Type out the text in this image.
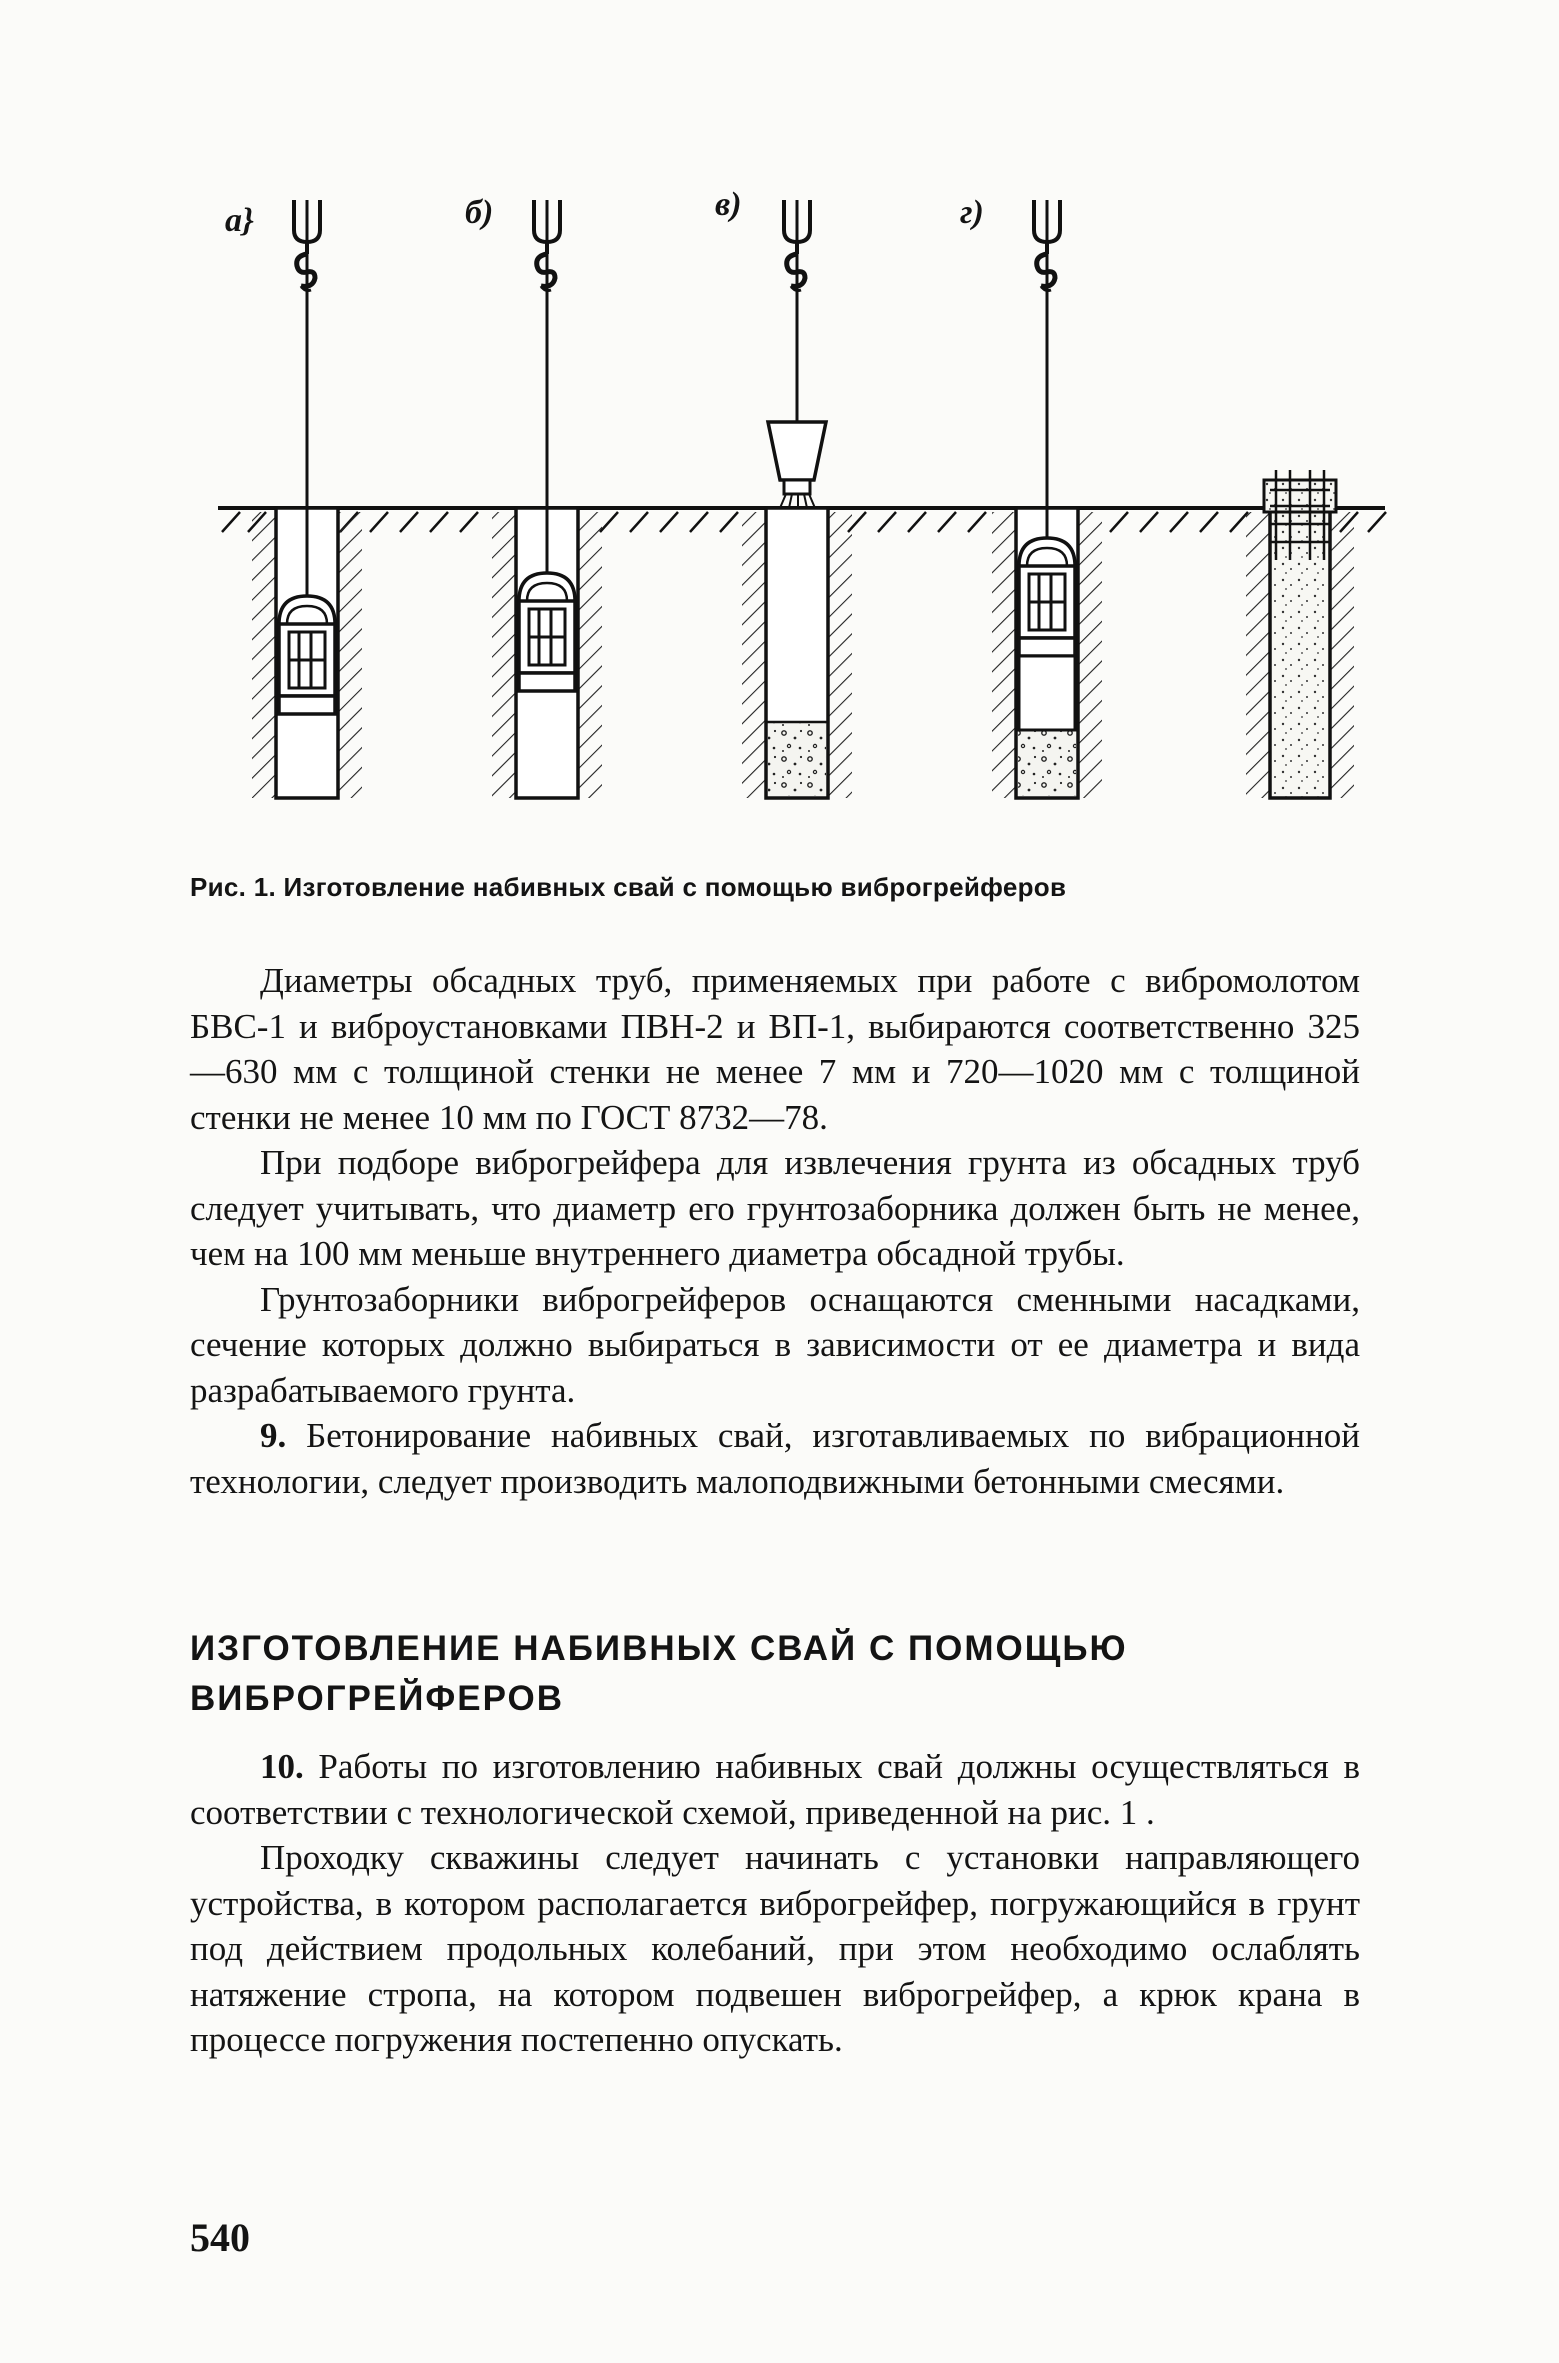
а}	б)	в)	г)
Рис. 1. Изготовление набивных свай с помощью виброгрейферов

Диаметры обсадных труб, применяемых при работе с вибромолотом БВС-1 и виброустановками ПВН-2 и ВП-1, выбираются соответственно 325—630 мм с толщиной стенки не менее 7 мм и 720—1020 мм с толщиной стенки не менее 10 мм по ГОСТ 8732—78.

При подборе виброгрейфера для извлечения грунта из обсадных труб следует учитывать, что диаметр его грунтозаборника должен быть не менее, чем на 100 мм меньше внутреннего диаметра обсадной трубы.

Грунтозаборники виброгрейферов оснащаются сменными насадками, сечение которых должно выбираться в зависимости от ее диаметра и вида разрабатываемого грунта.

9. Бетонирование набивных свай, изготавливаемых по вибрационной технологии, следует производить малоподвижными бетонными смесями.

ИЗГОТОВЛЕНИЕ НАБИВНЫХ СВАЙ С ПОМОЩЬЮ ВИБРОГРЕЙФЕРОВ

10. Работы по изготовлению набивных свай должны осуществляться в соответствии с технологической схемой, приведенной на рис. 1 .

Проходку скважины следует начинать с установки направляющего устройства, в котором располагается виброгрейфер, погружающийся в грунт под действием продольных колебаний, при этом необходимо ослаблять натяжение стропа, на котором подвешен виброгрейфер, а крюк крана в процессе погружения постепенно опускать.

540
